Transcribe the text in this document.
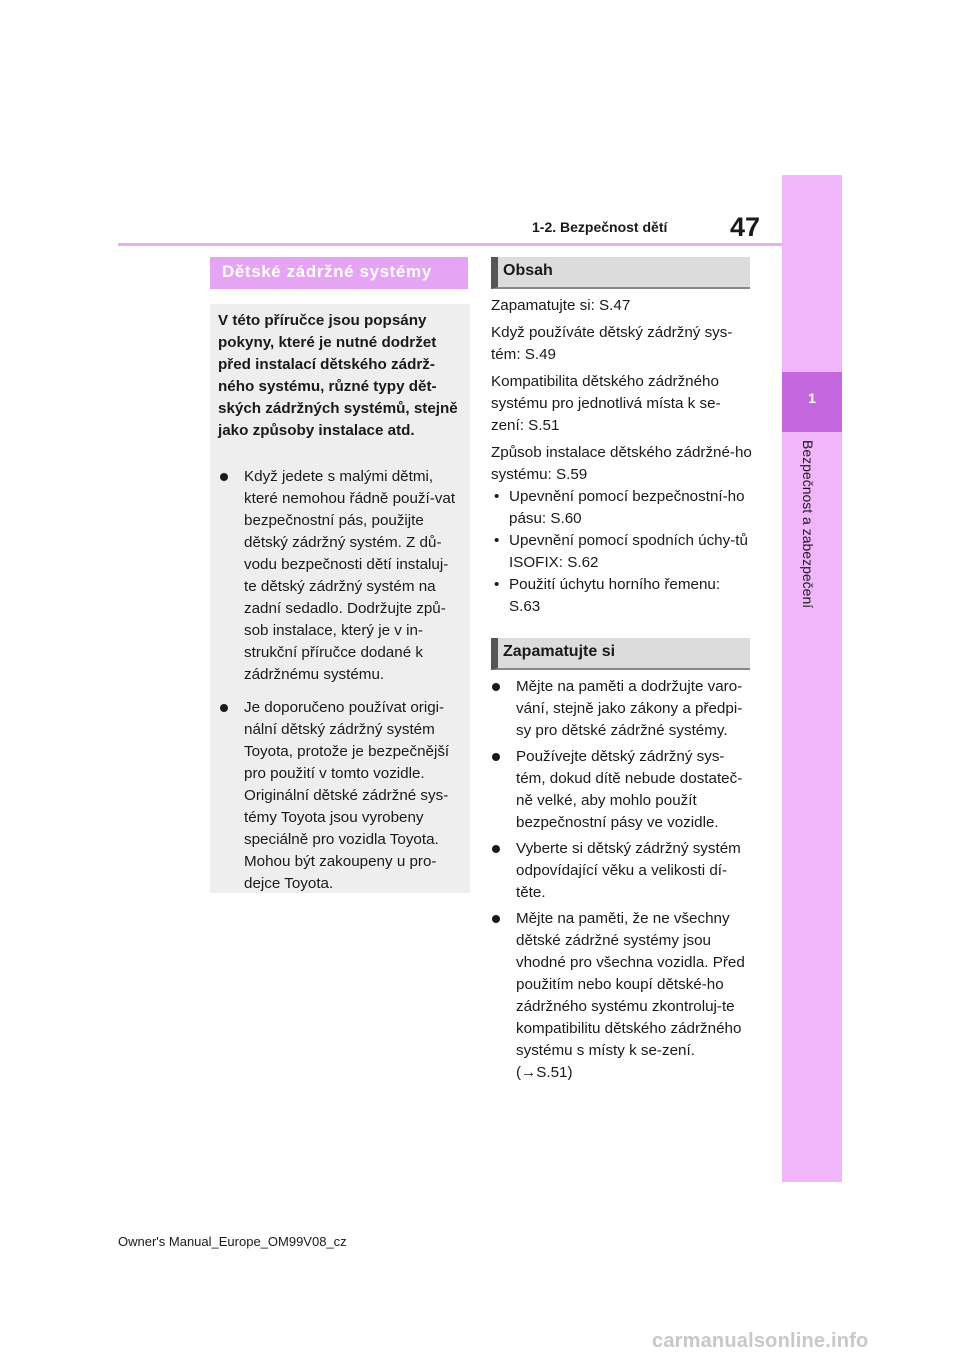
47
1-2. Bezpečnost dětí
1
Bezpečnost a zabezpečení
Dětské zádržné systémy
V této příručce jsou popsány pokyny, které je nutné dodržet před instalací dětského zádrž-ného systému, různé typy dět-ských zádržných systémů, stejně jako způsoby instalace atd.
Když jedete s malými dětmi, které nemohou řádně použí-vat bezpečnostní pás, použijte dětský zádržný systém. Z dů-vodu bezpečnosti dětí instaluj-te dětský zádržný systém na zadní sedadlo. Dodržujte způ-sob instalace, který je v in-strukční příručce dodané k zádržnému systému.
Je doporučeno používat origi-nální dětský zádržný systém Toyota, protože je bezpečnější pro použití v tomto vozidle. Originální dětské zádržné sys-témy Toyota jsou vyrobeny speciálně pro vozidla Toyota. Mohou být zakoupeny u pro-dejce Toyota.
Obsah

Zapamatujte si: S.47

Když používáte dětský zádržný sys-tém: S.49

Kompatibilita dětského zádržného systému pro jednotlivá místa k se-zení: S.51

Způsob instalace dětského zádržné-ho systému: S.59

• Upevnění pomocí bezpečnostní-ho pásu: S.60
• Upevnění pomocí spodních úchy-tů ISOFIX: S.62
• Použití úchytu horního řemenu: S.63
Zapamatujte si
Mějte na paměti a dodržujte varo-vání, stejně jako zákony a předpi-sy pro dětské zádržné systémy.
Používejte dětský zádržný sys-tém, dokud dítě nebude dostateč-ně velké, aby mohlo použít bezpečnostní pásy ve vozidle.
Vyberte si dětský zádržný systém odpovídající věku a velikosti dí-těte.
Mějte na paměti, že ne všechny dětské zádržné systémy jsou vhodné pro všechna vozidla. Před použitím nebo koupí dětské-ho zádržného systému zkontroluj-te kompatibilitu dětského zádržného systému s místy k se-zení. (→S.51)
Owner's Manual_Europe_OM99V08_cz
carmanualsonline.info
